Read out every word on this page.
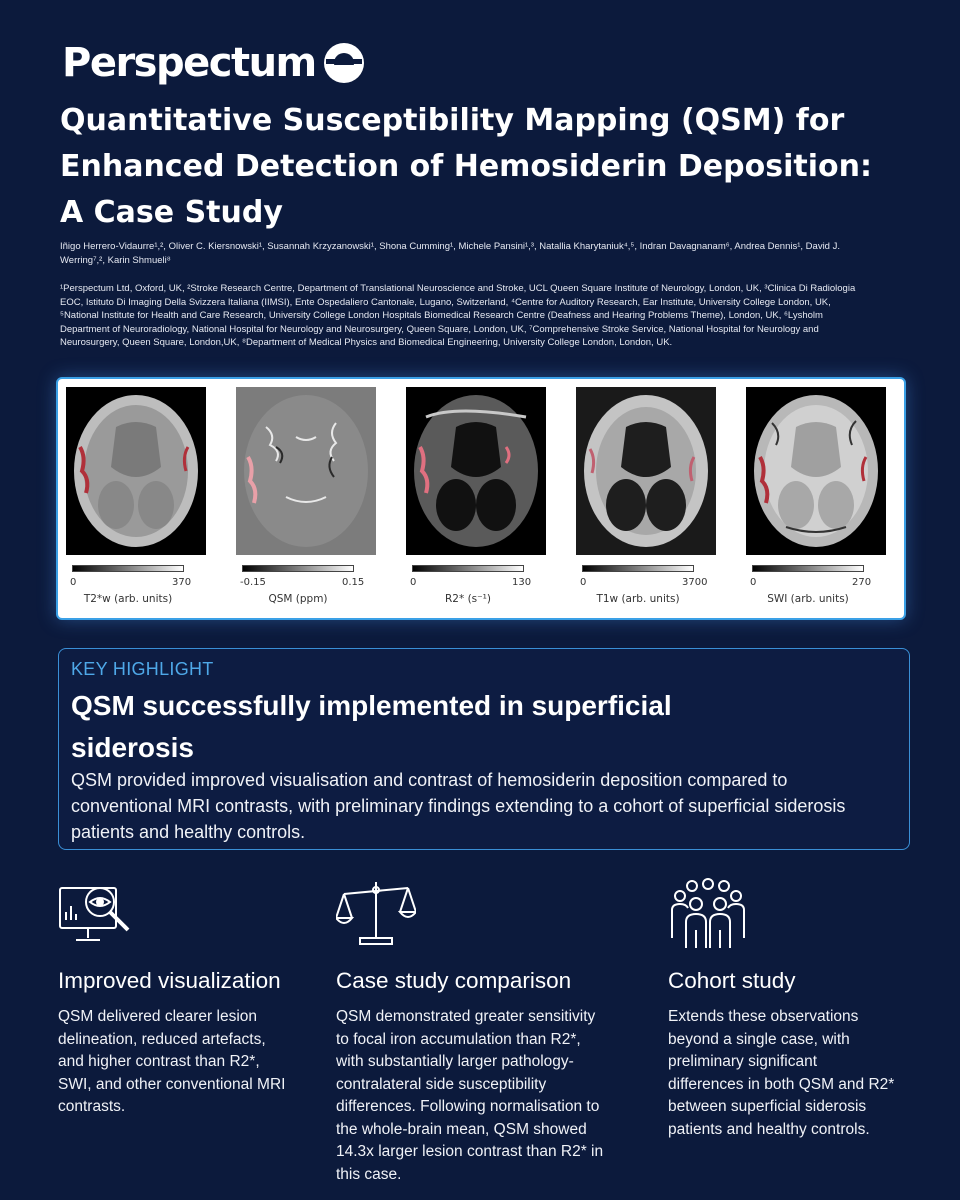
Perspectum
Quantitative Susceptibility Mapping (QSM) for Enhanced Detection of Hemosiderin Deposition: A Case Study
Iñigo Herrero-Vidaurre¹,², Oliver C. Kiersnowski¹, Susannah Krzyzanowski¹, Shona Cumming¹, Michele Pansini¹,³, Natallia Kharytaniuk⁴,⁵, Indran Davagnanam⁶, Andrea Dennis¹, David J.
Werring⁷,², Karin Shmueli⁸
¹Perspectum Ltd, Oxford, UK, ²Stroke Research Centre, Department of Translational Neuroscience and Stroke, UCL Queen Square Institute of Neurology, London, UK, ³Clinica Di Radiologia
EOC, Istituto Di Imaging Della Svizzera Italiana (IIMSI), Ente Ospedaliero Cantonale, Lugano, Switzerland, ⁴Centre for Auditory Research, Ear Institute, University College London, UK,
⁵National Institute for Health and Care Research, University College London Hospitals Biomedical Research Centre (Deafness and Hearing Problems Theme), London, UK, ⁶Lysholm
Department of Neuroradiology, National Hospital for Neurology and Neurosurgery, Queen Square, London, UK, ⁷Comprehensive Stroke Service, National Hospital for Neurology and
Neurosurgery, Queen Square, London,UK, ⁸Department of Medical Physics and Biomedical Engineering, University College London, London, UK.
0	370
T2*w (arb. units)
-0.15	0.15
QSM (ppm)
0	130
R2* (s⁻¹)
0	3700
T1w (arb. units)
0	270
SWI (arb. units)
KEY HIGHLIGHT
QSM successfully implemented in superficial siderosis
QSM provided improved visualisation and contrast of hemosiderin deposition compared to conventional MRI contrasts, with preliminary findings extending to a cohort of superficial siderosis patients and healthy controls.
Improved visualization
QSM delivered clearer lesion
delineation, reduced artefacts,
and higher contrast than R2*,
SWI, and other conventional MRI
contrasts.
Case study comparison
QSM demonstrated greater sensitivity
to focal iron accumulation than R2*,
with substantially larger pathology-
contralateral side susceptibility
differences. Following normalisation to
the whole-brain mean, QSM showed
14.3x larger lesion contrast than R2* in
this case.
Cohort study
Extends these observations
beyond a single case, with
preliminary significant
differences in both QSM and R2*
between superficial siderosis
patients and healthy controls.
